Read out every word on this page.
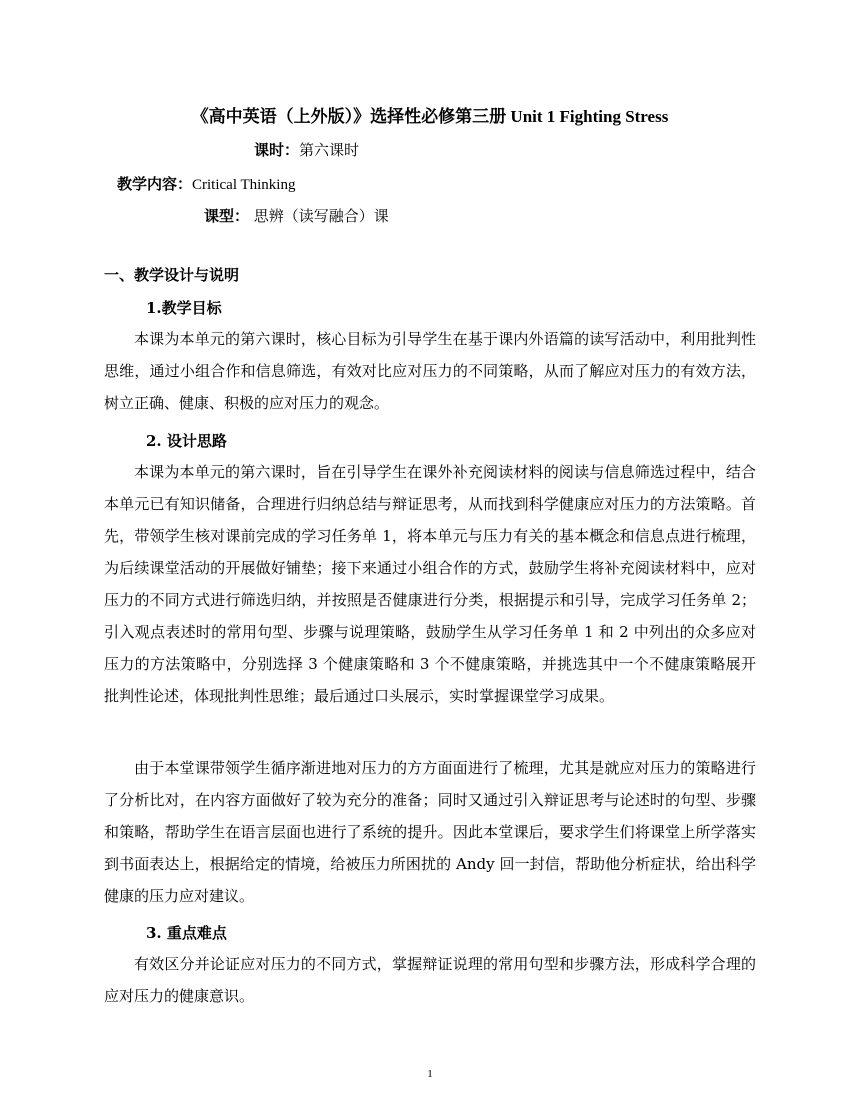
《高中英语（上外版）》选择性必修第三册 Unit 1 Fighting Stress
课时：第六课时
教学内容：Critical Thinking
课型： 思辨（读写融合）课
一、教学设计与说明
1.教学目标

本课为本单元的第六课时，核心目标为引导学生在基于课内外语篇的读写活动中，利用批判性思维，通过小组合作和信息筛选，有效对比应对压力的不同策略，从而了解应对压力的有效方法，树立正确、健康、积极的应对压力的观念。

2. 设计思路

本课为本单元的第六课时，旨在引导学生在课外补充阅读材料的阅读与信息筛选过程中，结合本单元已有知识储备，合理进行归纳总结与辩证思考，从而找到科学健康应对压力的方法策略。首先，带领学生核对课前完成的学习任务单 1，将本单元与压力有关的基本概念和信息点进行梳理，为后续课堂活动的开展做好铺垫；接下来通过小组合作的方式，鼓励学生将补充阅读材料中，应对压力的不同方式进行筛选归纳，并按照是否健康进行分类，根据提示和引导，完成学习任务单 2；引入观点表述时的常用句型、步骤与说理策略，鼓励学生从学习任务单 1 和 2 中列出的众多应对压力的方法策略中，分别选择 3 个健康策略和 3 个不健康策略，并挑选其中一个不健康策略展开批判性论述，体现批判性思维；最后通过口头展示，实时掌握课堂学习成果。

由于本堂课带领学生循序渐进地对压力的方方面面进行了梳理，尤其是就应对压力的策略进行了分析比对，在内容方面做好了较为充分的准备；同时又通过引入辩证思考与论述时的句型、步骤和策略，帮助学生在语言层面也进行了系统的提升。因此本堂课后，要求学生们将课堂上所学落实到书面表达上，根据给定的情境，给被压力所困扰的 Andy 回一封信，帮助他分析症状，给出科学健康的压力应对建议。

3. 重点难点

有效区分并论证应对压力的不同方式，掌握辩证说理的常用句型和步骤方法，形成科学合理的应对压力的健康意识。

1
